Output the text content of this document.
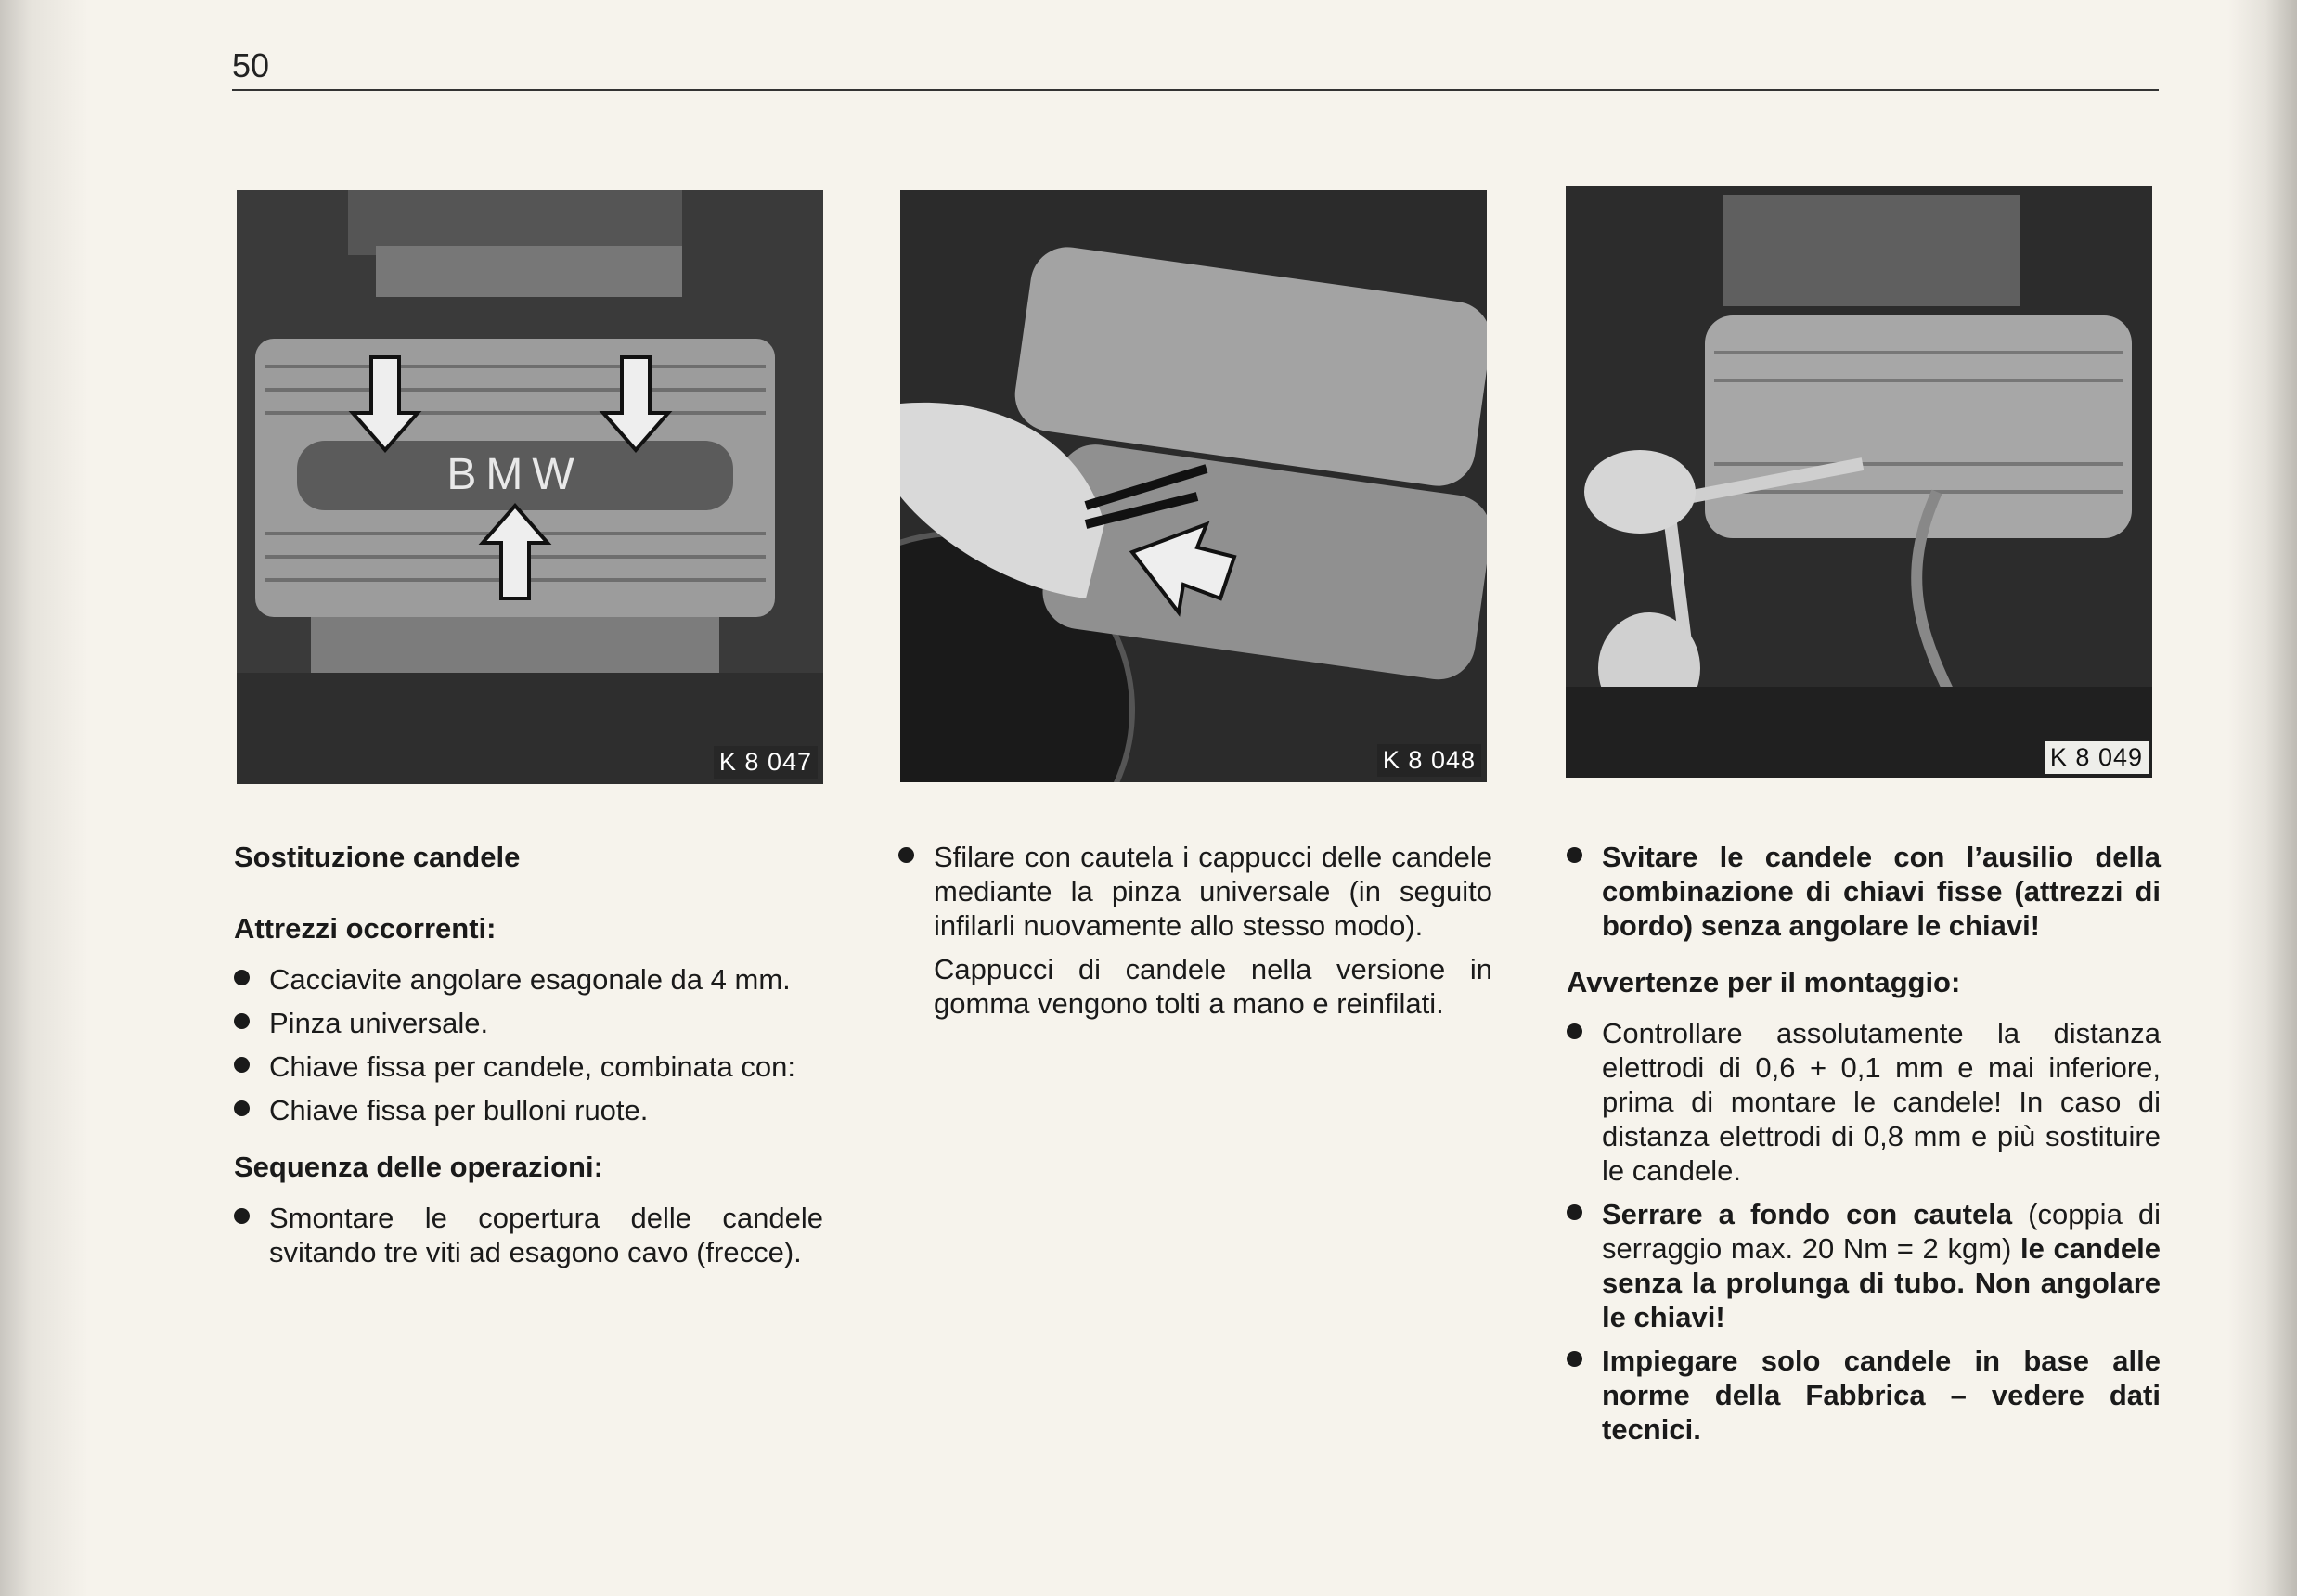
50
BMW
K 8 047	K 8 048	K 8 049
Sostituzione candele
Attrezzi occorrenti:
Cacciavite angolare esagonale da 4 mm.
Pinza universale.
Chiave fissa per candele, combinata con:
Chiave fissa per bulloni ruote.
Sequenza delle operazioni:
Smontare le copertura delle candele svitando tre viti ad esagono cavo (frecce).
Sfilare con cautela i cappucci delle candele mediante la pinza universale (in seguito infilarli nuovamente allo stesso modo).
Cappucci di candele nella versione in gomma vengono tolti a mano e reinfilati.
Svitare le candele con l’ausilio della combinazione di chiavi fisse (attrezzi di bordo) senza angolare le chiavi!
Avvertenze per il montaggio:
Controllare assolutamente la distanza elettrodi di 0,6 + 0,1 mm e mai inferiore, prima di montare le candele! In caso di distanza elettrodi di 0,8 mm e più sostituire le candele.
Serrare a fondo con cautela (coppia di serraggio max. 20 Nm = 2 kgm) le candele senza la prolunga di tubo. Non angolare le chiavi!
Impiegare solo candele in base alle norme della Fabbrica – vedere dati tecnici.
